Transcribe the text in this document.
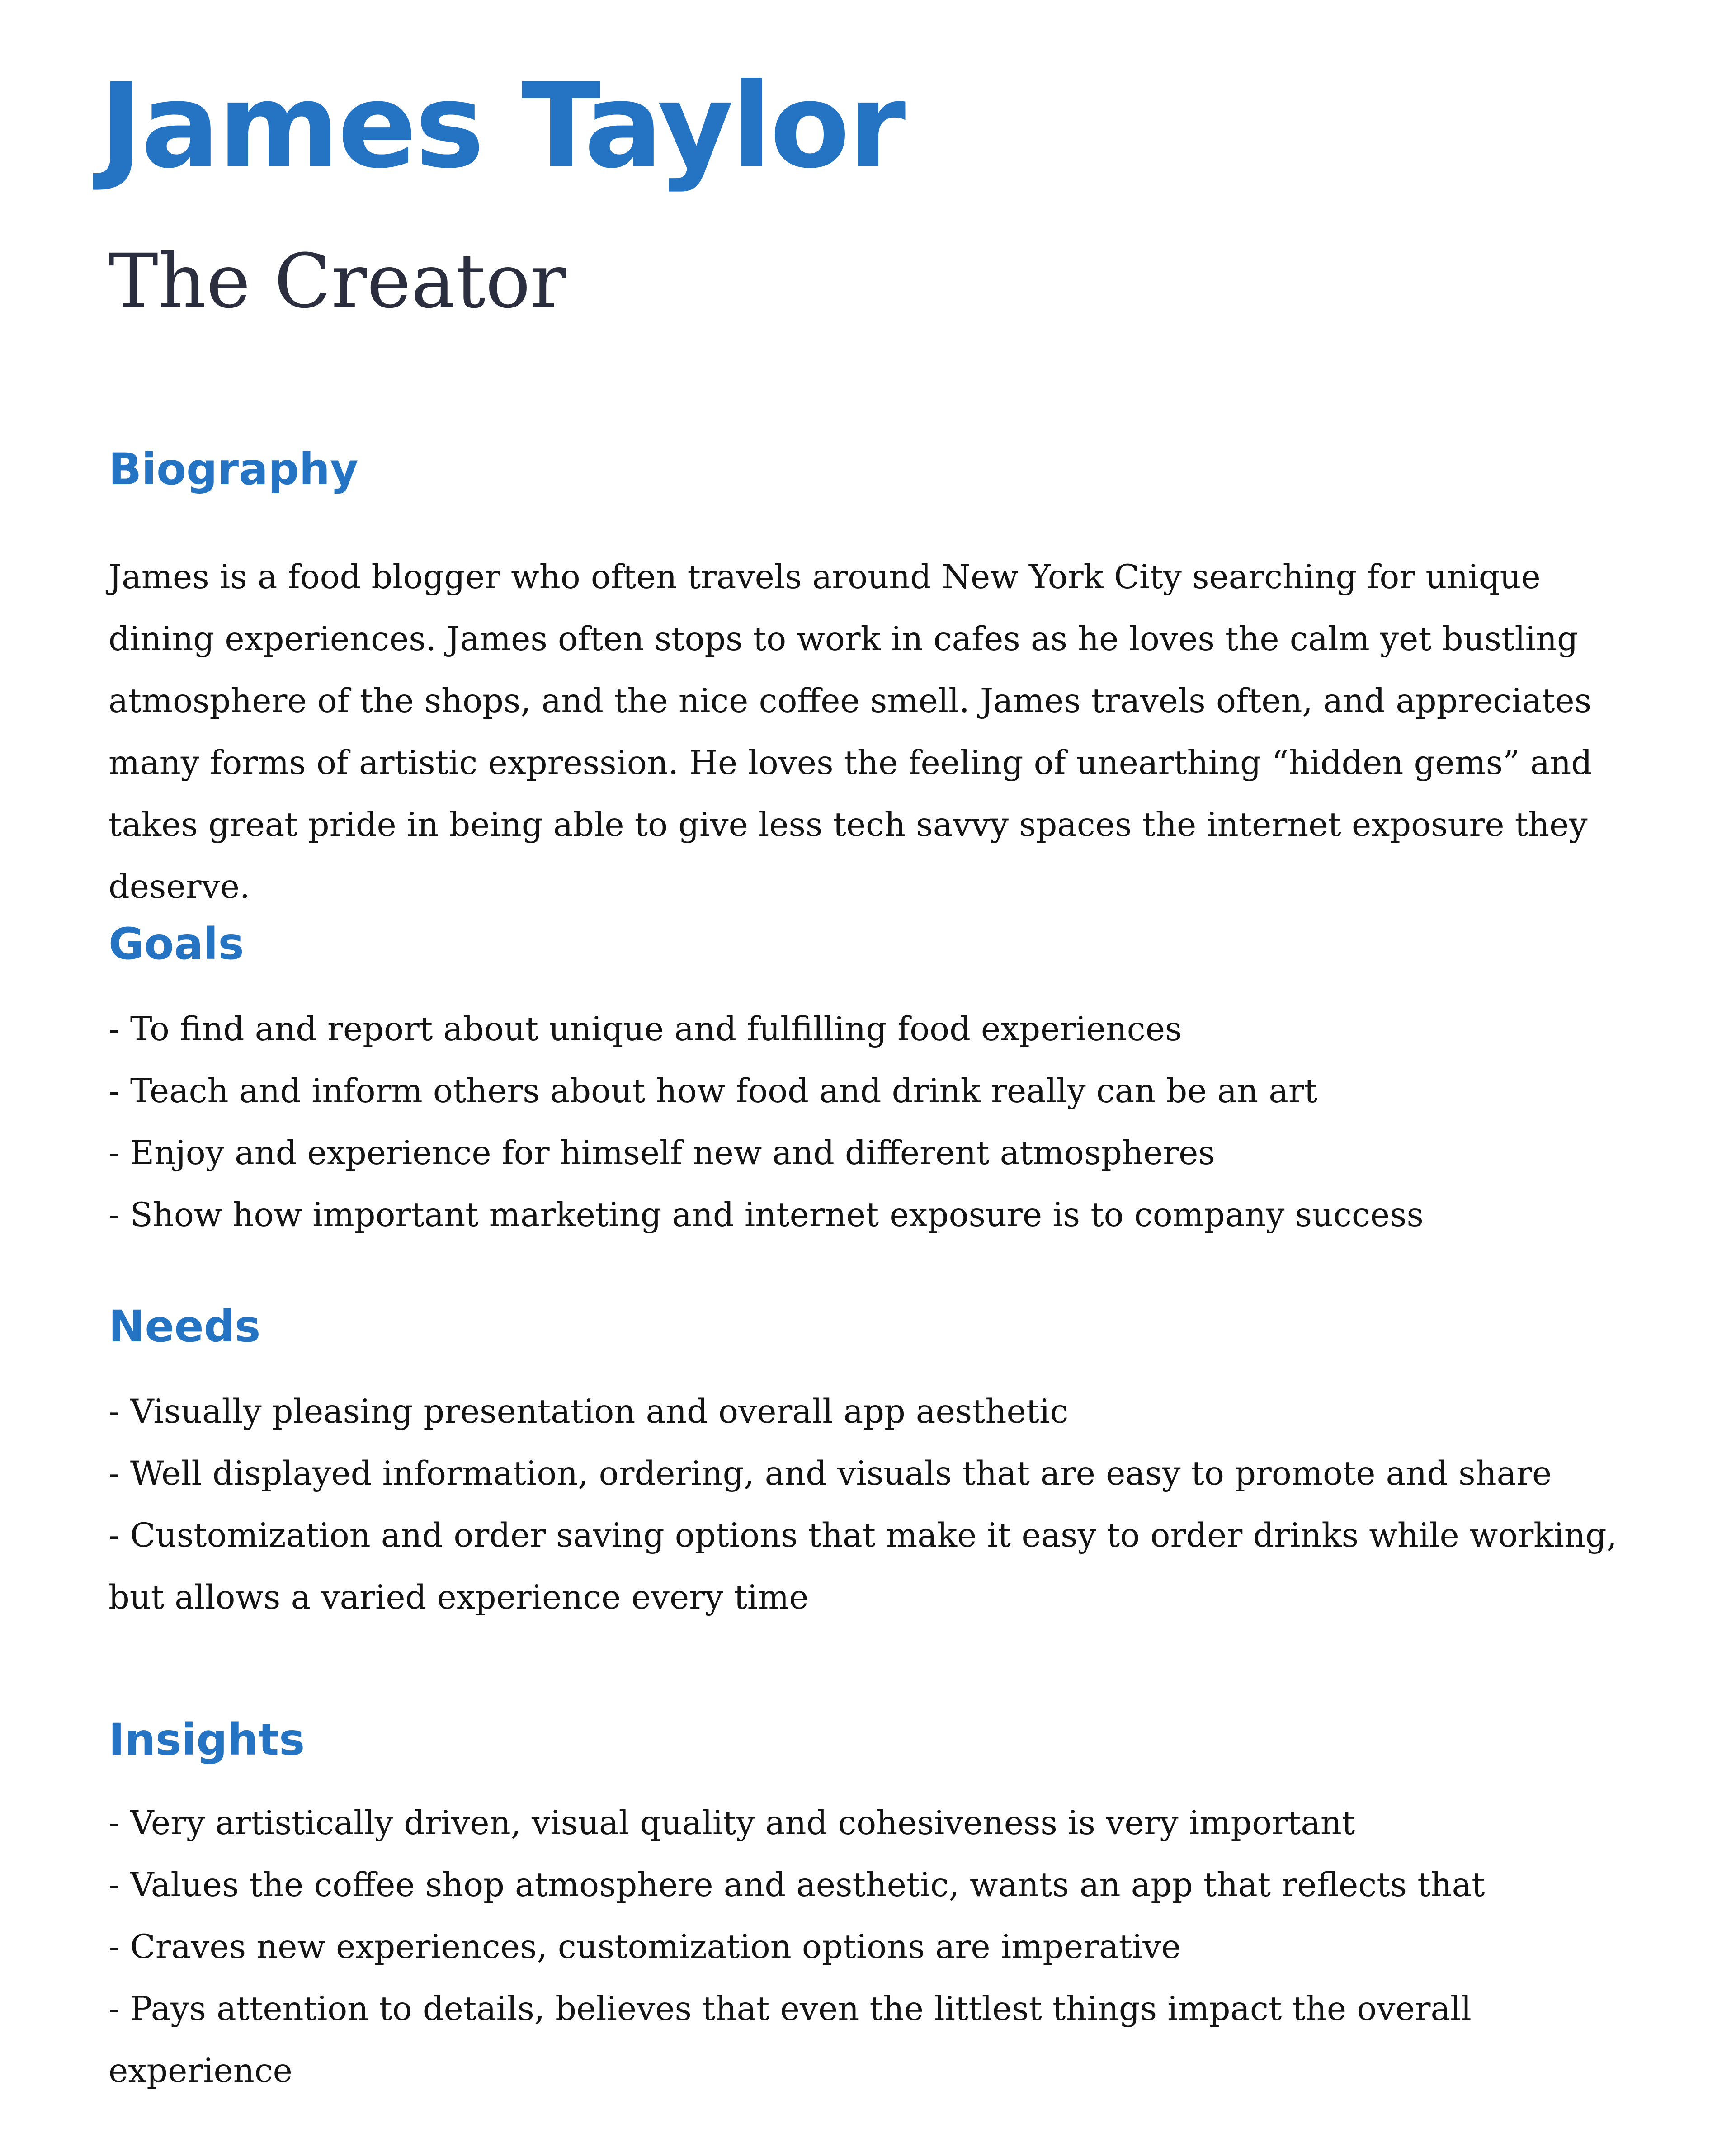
James Taylor
The Creator
Biography

James is a food blogger who often travels around New York City searching for unique dining experiences. James often stops to work in cafes as he loves the calm yet bustling atmosphere of the shops, and the nice coffee smell. James travels often, and appreciates many forms of artistic expression. He loves the feeling of unearthing “hidden gems” and takes great pride in being able to give less tech savvy spaces the internet exposure they deserve.

Goals
- To find and report about unique and fulfilling food experiences
- Teach and inform others about how food and drink really can be an art
- Enjoy and experience for himself new and different atmospheres
- Show how important marketing and internet exposure is to company success
Needs
- Visually pleasing presentation and overall app aesthetic
- Well displayed information, ordering, and visuals that are easy to promote and share
- Customization and order saving options that make it easy to order drinks while working, but allows a varied experience every time
Insights
- Very artistically driven, visual quality and cohesiveness is very important
- Values the coffee shop atmosphere and aesthetic, wants an app that reflects that
- Craves new experiences, customization options are imperative
- Pays attention to details, believes that even the littlest things impact the overall experience
